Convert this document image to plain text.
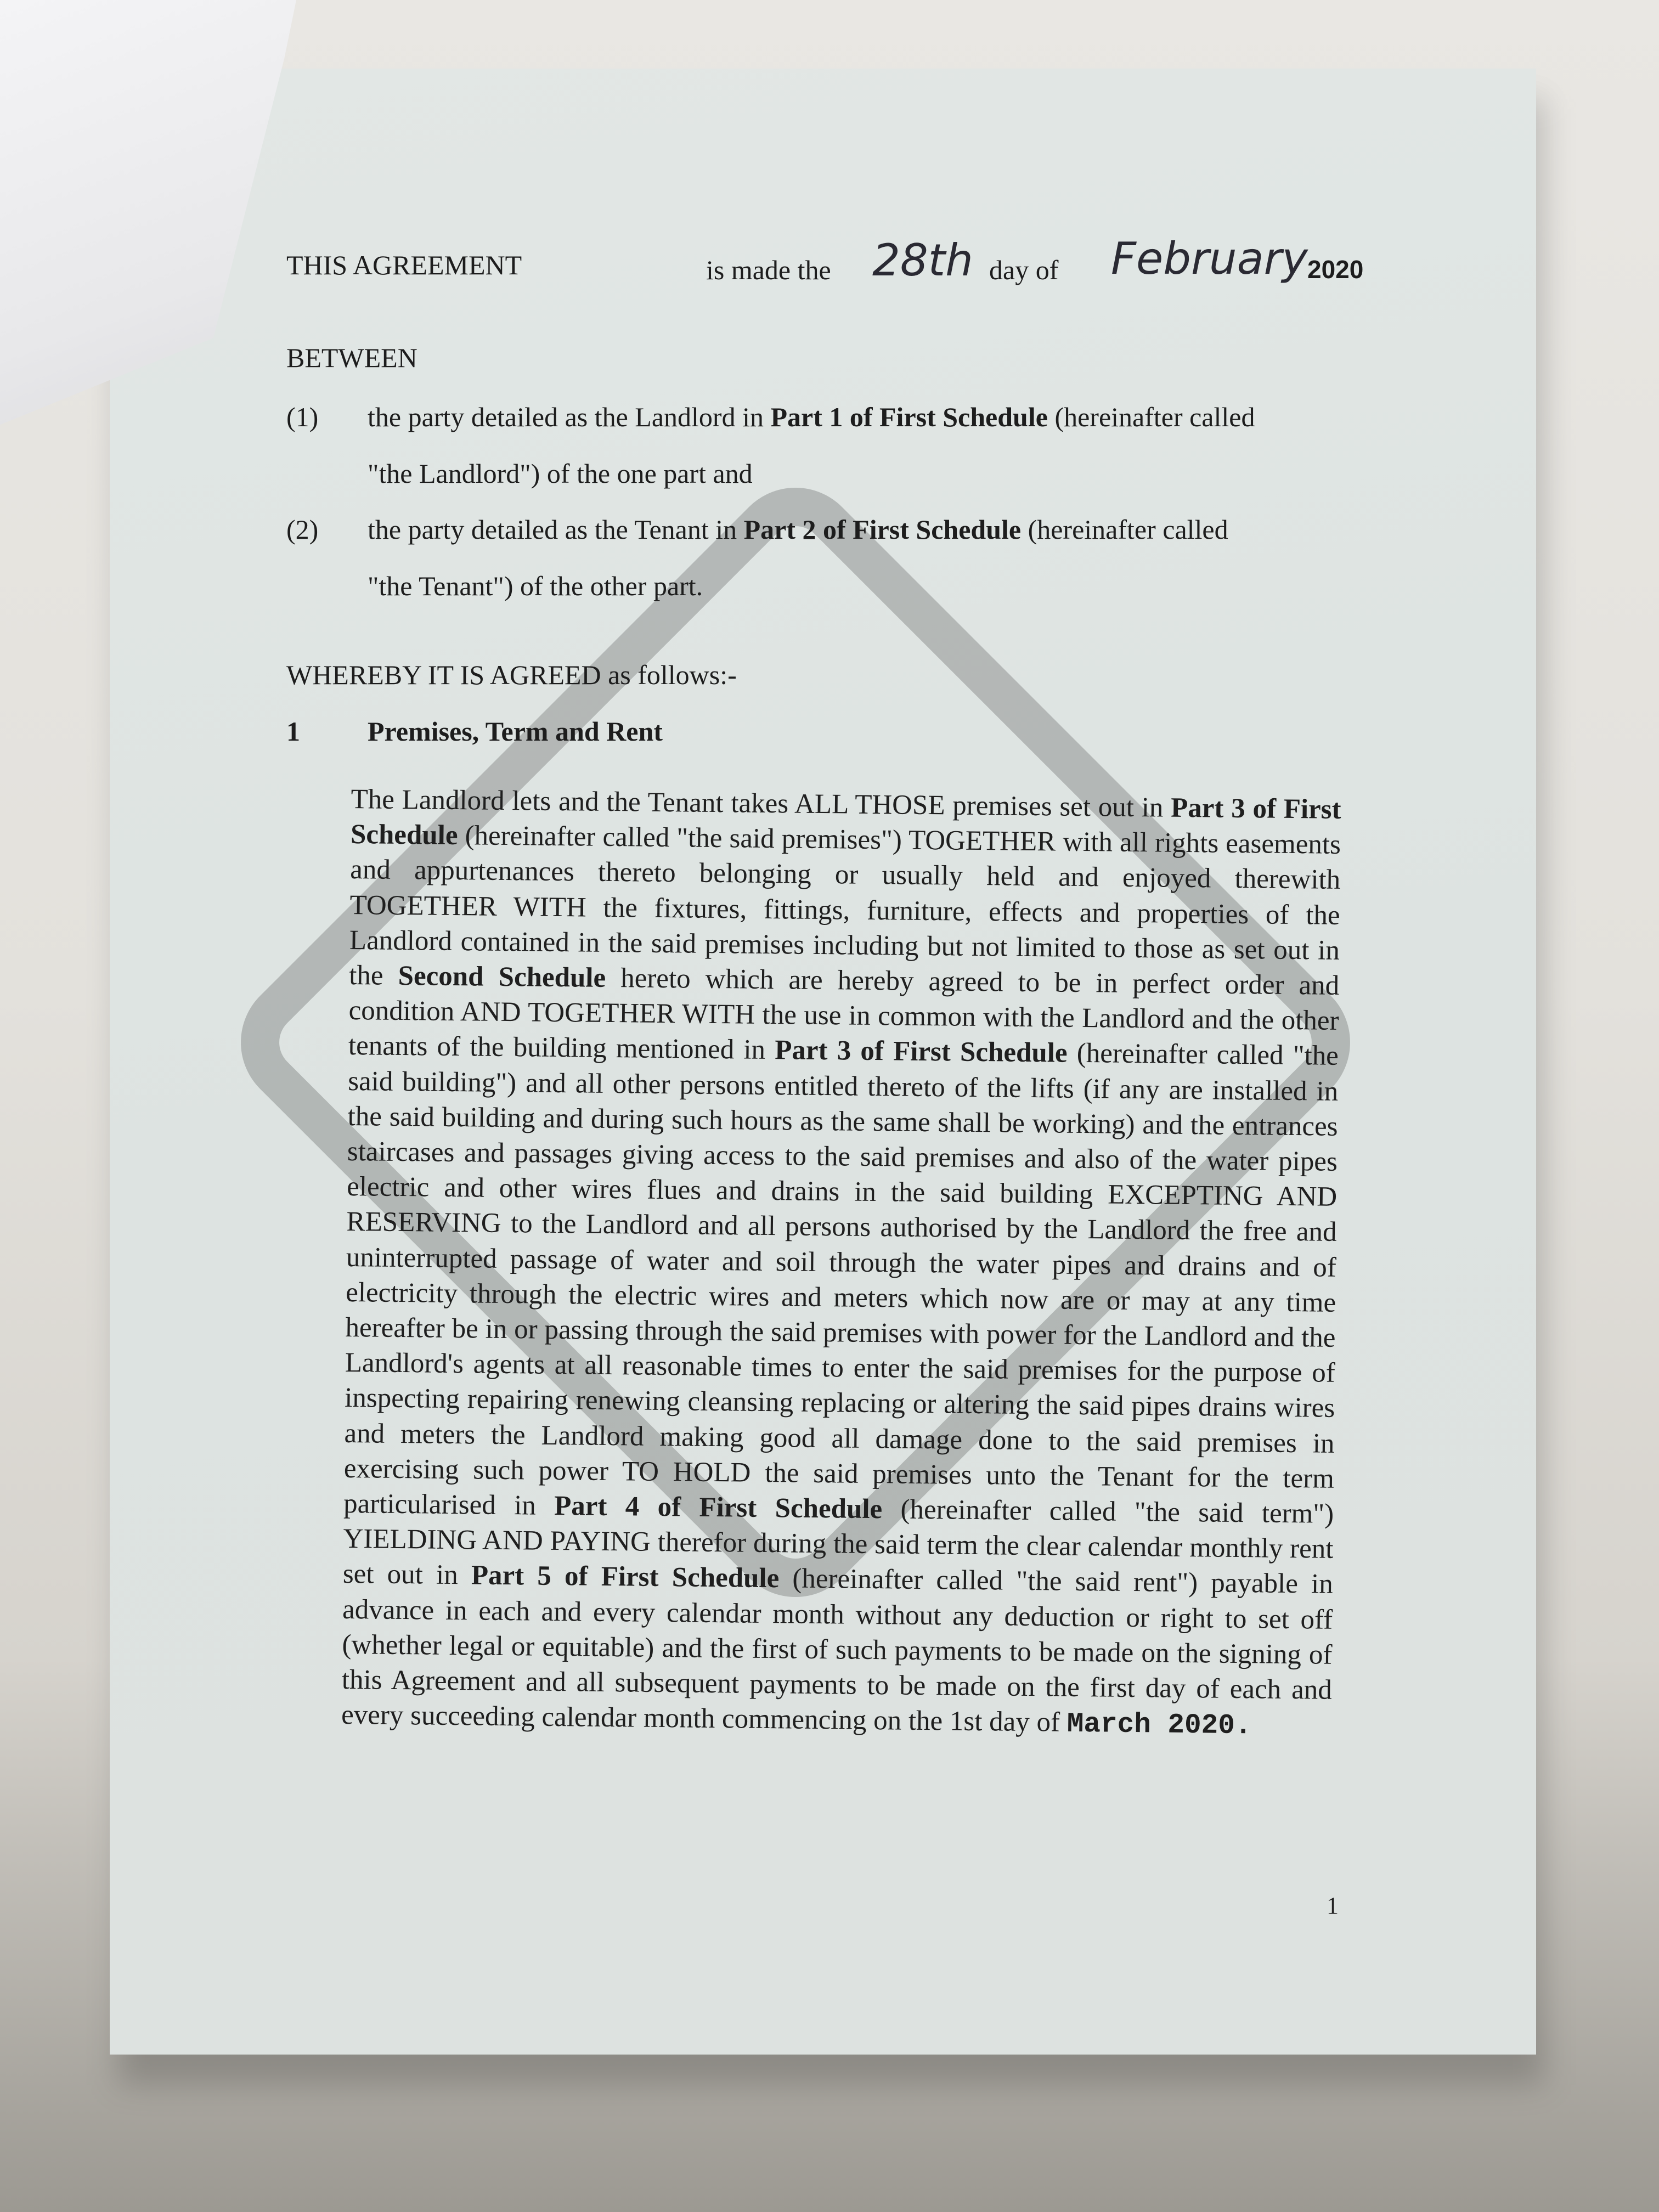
THIS AGREEMENT	is made the 28th day of February 2020
BETWEEN
(1) the party detailed as the Landlord in Part 1 of First Schedule (hereinafter called
"the Landlord") of the one part and
(2) the party detailed as the Tenant in Part 2 of First Schedule (hereinafter called
"the Tenant") of the other part.
WHEREBY IT IS AGREED as follows:-
1 Premises, Term and Rent
The Landlord lets and the Tenant takes ALL THOSE premises set out in Part 3 of First Schedule (hereinafter called "the said premises") TOGETHER with all rights easements and appurtenances thereto belonging or usually held and enjoyed therewith TOGETHER WITH the fixtures, fittings, furniture, effects and properties of the Landlord contained in the said premises including but not limited to those as set out in the Second Schedule hereto which are hereby agreed to be in perfect order and condition AND TOGETHER WITH the use in common with the Landlord and the other tenants of the building mentioned in Part 3 of First Schedule (hereinafter called "the said building") and all other persons entitled thereto of the lifts (if any are installed in the said building and during such hours as the same shall be working) and the entrances staircases and passages giving access to the said premises and also of the water pipes electric and other wires flues and drains in the said building EXCEPTING AND RESERVING to the Landlord and all persons authorised by the Landlord the free and uninterrupted passage of water and soil through the water pipes and drains and of electricity through the electric wires and meters which now are or may at any time hereafter be in or passing through the said premises with power for the Landlord and the Landlord's agents at all reasonable times to enter the said premises for the purpose of inspecting repairing renewing cleansing replacing or altering the said pipes drains wires and meters the Landlord making good all damage done to the said premises in exercising such power TO HOLD the said premises unto the Tenant for the term particularised in Part 4 of First Schedule (hereinafter called "the said term") YIELDING AND PAYING therefor during the said term the clear calendar monthly rent set out in Part 5 of First Schedule (hereinafter called "the said rent") payable in advance in each and every calendar month without any deduction or right to set off (whether legal or equitable) and the first of such payments to be made on the signing of this Agreement and all subsequent payments to be made on the first day of each and every succeeding calendar month commencing on the 1st day of March 2020.
1
